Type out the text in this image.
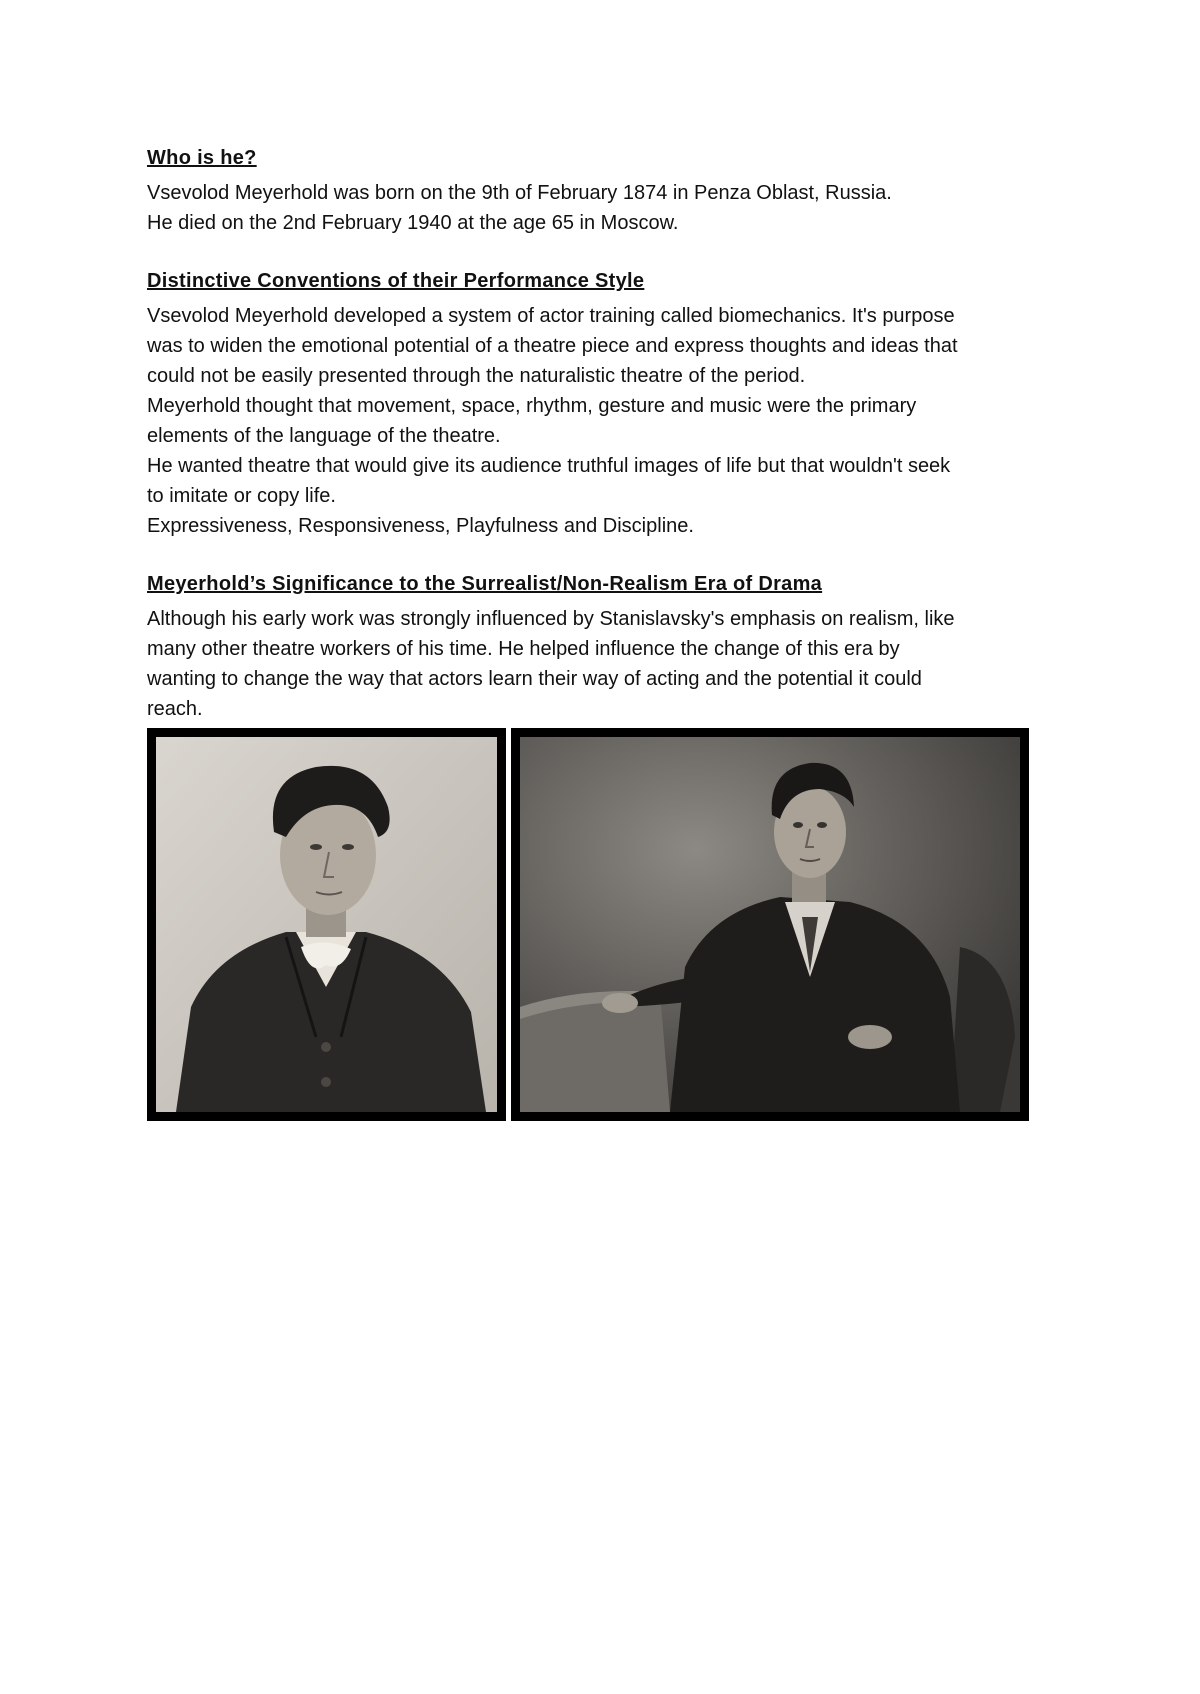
Who is he?

Vsevolod Meyerhold was born on the 9th of February 1874 in Penza Oblast, Russia.

He died on the 2nd February 1940 at the age 65 in Moscow.

Distinctive Conventions of their Performance Style

Vsevolod Meyerhold developed a system of actor training called biomechanics. It's purpose

was to widen the emotional potential of a theatre piece and express thoughts and ideas that

could not be easily presented through the naturalistic theatre of the period.

Meyerhold thought that movement, space, rhythm, gesture and music were the primary

elements of the language of the theatre.

He wanted theatre that would give its audience truthful images of life but that wouldn't seek

to imitate or copy life.

Expressiveness, Responsiveness, Playfulness and Discipline.

Meyerhold’s Significance to the Surrealist/Non-Realism Era of Drama

Although his early work was strongly influenced by Stanislavsky's emphasis on realism, like

many other theatre workers of his time. He helped influence the change of this era by

wanting to change the way that actors learn their way of acting and the potential it could

reach.
